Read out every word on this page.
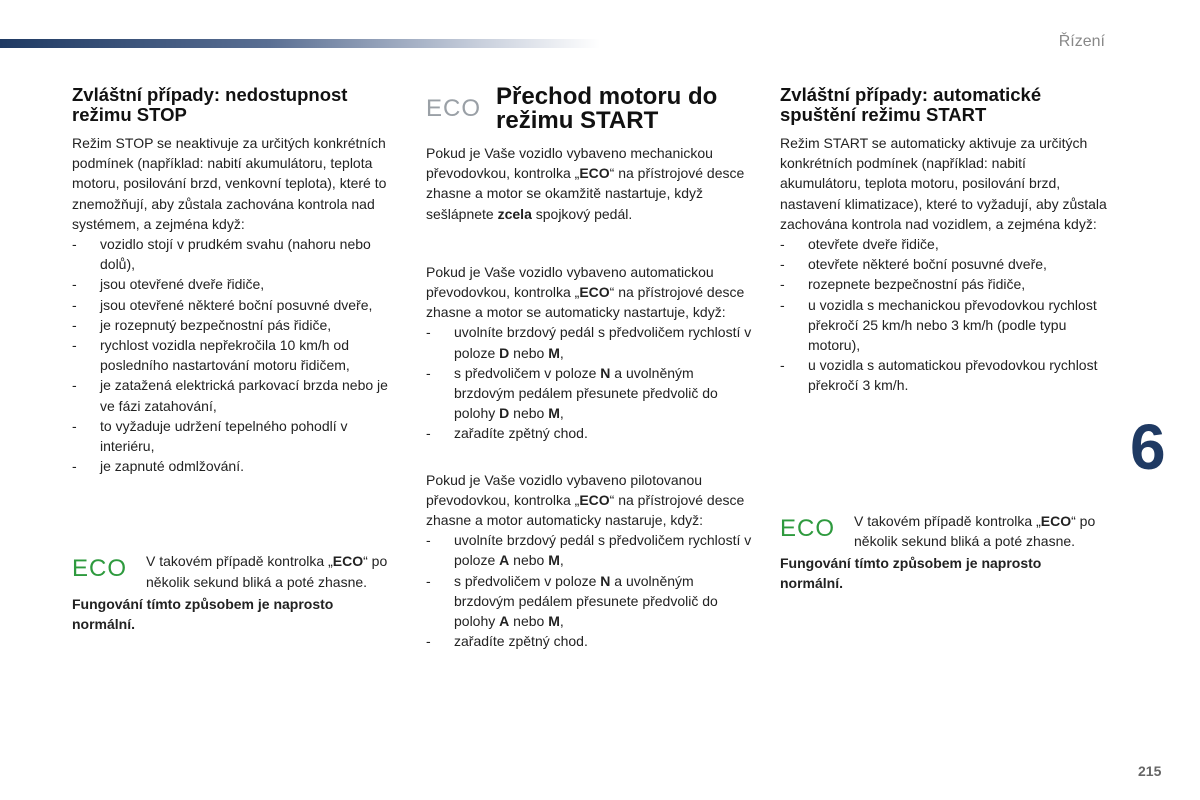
Řízení
6
215
Zvláštní případy: nedostupnost režimu STOP

Režim STOP se neaktivuje za určitých konkrétních podmínek (například: nabití akumulátoru, teplota motoru, posilování brzd, venkovní teplota), které to znemožňují, aby zůstala zachována kontrola nad systémem, a zejména když:

- vozidlo stojí v prudkém svahu (nahoru nebo dolů),
- jsou otevřené dveře řidiče,
- jsou otevřené některé boční posuvné dveře,
- je rozepnutý bezpečnostní pás řidiče,
- rychlost vozidla nepřekročila 10 km/h od posledního nastartování motoru řidičem,
- je zatažená elektrická parkovací brzda nebo je ve fázi zatahování,
- to vyžaduje udržení tepelného pohodlí v interiéru,
- je zapnuté odmlžování.
ECO	V takovém případě kontrolka „ECO“ po několik sekund bliká a poté zhasne.

Fungování tímto způsobem je naprosto normální.

ECO Přechod motoru do režimu START

Pokud je Vaše vozidlo vybaveno mechanickou převodovkou, kontrolka „ECO“ na přístrojové desce zhasne a motor se okamžitě nastartuje, když sešlápnete zcela spojkový pedál.

Pokud je Vaše vozidlo vybaveno automatickou převodovkou, kontrolka „ECO“ na přístrojové desce zhasne a motor se automaticky nastartuje, když:

- uvolníte brzdový pedál s předvoličem rychlostí v poloze D nebo M,
- s předvoličem v poloze N a uvolněným brzdovým pedálem přesunete předvolič do polohy D nebo M,
- zařadíte zpětný chod.

Pokud je Vaše vozidlo vybaveno pilotovanou převodovkou, kontrolka „ECO“ na přístrojové desce zhasne a motor automaticky nastaruje, když:

- uvolníte brzdový pedál s předvoličem rychlostí v poloze A nebo M,
- s předvoličem v poloze N a uvolněným brzdovým pedálem přesunete předvolič do polohy A nebo M,
- zařadíte zpětný chod.
Zvláštní případy: automatické spuštění režimu START

Režim START se automaticky aktivuje za určitých konkrétních podmínek (například: nabití akumulátoru, teplota motoru, posilování brzd, nastavení klimatizace), které to vyžadují, aby zůstala zachována kontrola nad vozidlem, a zejména když:

- otevřete dveře řidiče,
- otevřete některé boční posuvné dveře,
- rozepnete bezpečnostní pás řidiče,
- u vozidla s mechanickou převodovkou rychlost překročí 25 km/h nebo 3 km/h (podle typu motoru),
- u vozidla s automatickou převodovkou rychlost překročí 3 km/h.
ECO	V takovém případě kontrolka „ECO“ po několik sekund bliká a poté zhasne.

Fungování tímto způsobem je naprosto normální.
